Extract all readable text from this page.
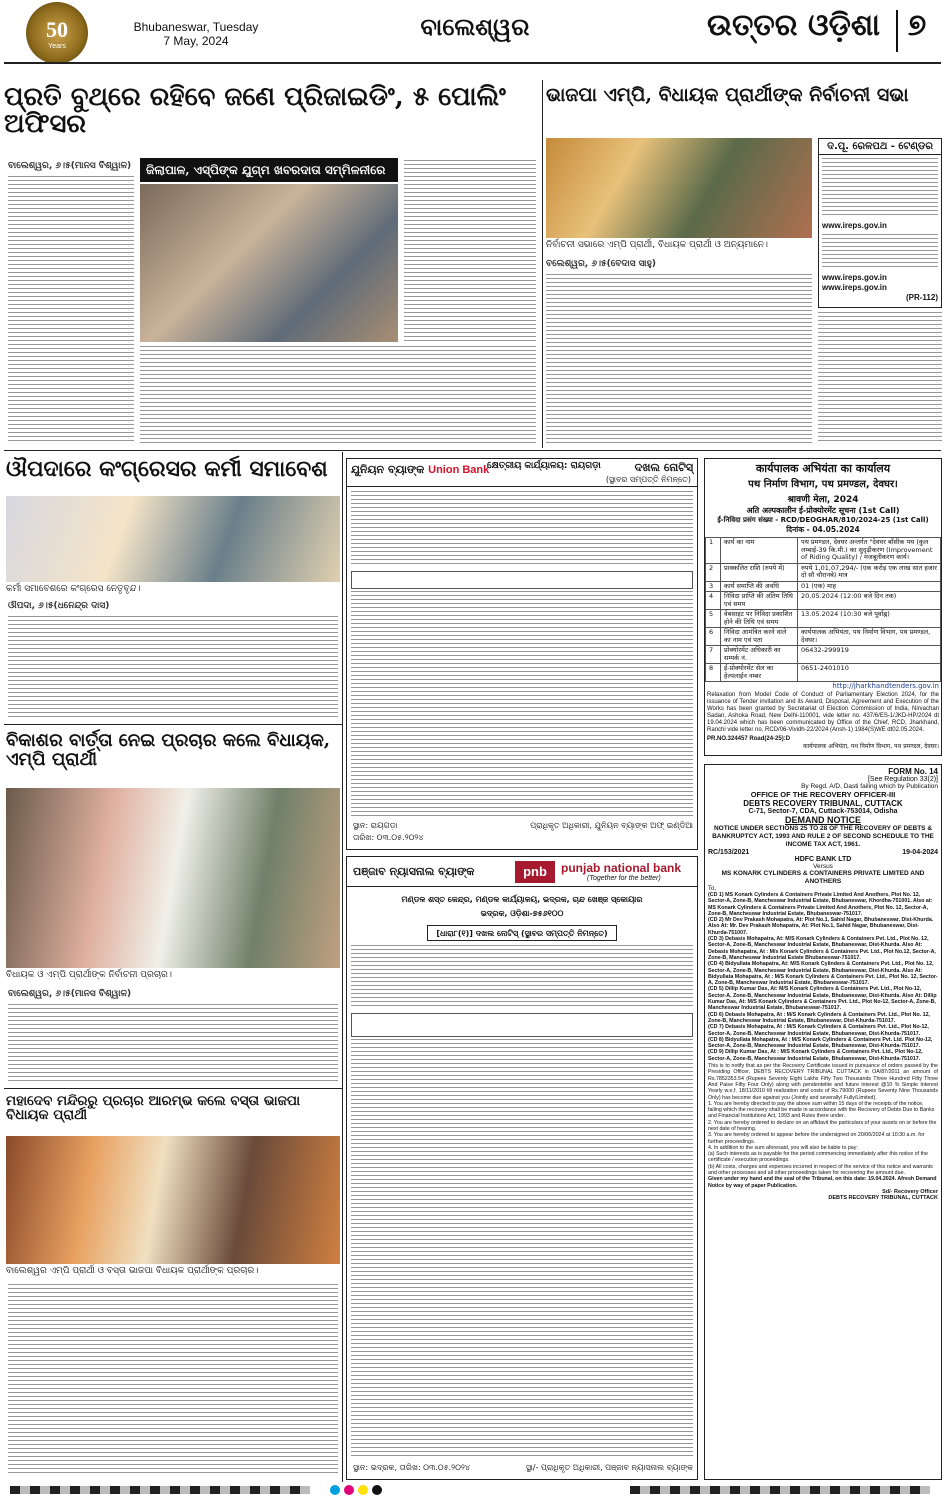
50
Years
Bhubaneswar, Tuesday
7 May, 2024	ବାଲେଶ୍ୱର	ଉତ୍ତର ଓଡ଼ିଶା ୭
ପ୍ରତି ବୁଥ୍‌ରେ ରହିବେ ଜଣେ ପ୍ରିଜାଇଡିଂ, ୫ ପୋଲିଂ ଅଫିସର
ବାଲେଶ୍ୱର, ୬।୫(ମାନସ ବିଶ୍ୱାଳ)	ଜିଲାପାଳ, ଏସ୍‌ପିଙ୍କ ଯୁଗ୍ମ ଖବରଦାତା ସମ୍ମିଳନୀରେ
ଭାଜପା ଏମ୍‌ପି, ବିଧାୟକ ପ୍ରାର୍ଥୀଙ୍କ ନିର୍ବାଚନୀ ସଭା
ନିର୍ବାଚନୀ ସଭାରେ ଏମ୍‌ପି ପ୍ରାର୍ଥୀ, ବିଧାୟକ ପ୍ରାର୍ଥୀ ଓ ଅନ୍ୟମାନେ।
ବଲେଶ୍ୱର, ୬।୫(ବେଦାସ ସାହୁ)
ଦ.ପୂ. ରେଳପଥ - ଟେଣ୍ଡର
www.ireps.gov.in
www.ireps.gov.in
www.ireps.gov.in
(PR-112)
ଔପଦାରେ କଂଗ୍ରେସର କର୍ମୀ ସମାବେଶ
କର୍ମୀ ସମାବେଶରେ କଂଗ୍ରେସ ନେତୃବୃନ୍ଦ।
ଔପଦା, ୬।୫(ଧନେନ୍ଦ୍ର ଦାସ)
ବିକାଶର ବାର୍ତ୍ତା ନେଇ ପ୍ରଚାର କଲେ ବିଧାୟକ, ଏମ୍‌ପି ପ୍ରାର୍ଥୀ
ବିଧାୟକ ଓ ଏମ୍‌ପି ପ୍ରାର୍ଥୀଙ୍କ ନିର୍ବାଚନୀ ପ୍ରଚାର।
ବାଲେଶ୍ୱର, ୬।୫(ମାନସ ବିଶ୍ୱାଳ)
ମହାଦେବ ମନ୍ଦିରରୁ ପ୍ରଚାର ଆରମ୍ଭ କଲେ ବସ୍ତା ଭାଜପା ବିଧାୟକ ପ୍ରାର୍ଥୀ
ବାଲେଶ୍ୱର ଏମ୍‌ପି ପ୍ରାର୍ଥୀ ଓ ବସ୍ତା ଭାଜପା ବିଧାୟକ ପ୍ରାର୍ଥୀଙ୍କ ପ୍ରଚାର।
ଯୁନିୟନ ବ୍ୟାଙ୍କ Union Bank
କ୍ଷେତ୍ରୀୟ କାର୍ଯ୍ୟାଳୟ: ରାୟଗଡ଼ା	ଦଖଲ ନୋଟିସ୍
(ସ୍ଥାବର ସମ୍ପତ୍ତି ନିମନ୍ତେ)
ସ୍ଥାନ: ରାୟଗଡ଼ା
ତାରିଖ: ୦୩.୦୫.୨୦୨୪
ପ୍ରାଧିକୃତ ଅଧିକାରୀ, ଯୁନିୟନ ବ୍ୟାଙ୍କ ଅଫ୍ ଇଣ୍ଡିଆ
ପଞ୍ଜାବ ନ୍ୟାସନାଲ ବ୍ୟାଙ୍କ	pnb	punjab national bank
(Together for the better)
ମଣ୍ଡଳ ଶସ୍ତ କେନ୍ଦ୍ର, ମଣ୍ଡଳ କାର୍ଯ୍ୟାଳୟ, ଭଦ୍ରକ, ଚାନ୍ଦ ଖେଞ୍ଜ ସ୍କୋୟାର
ଭଦ୍ରକ, ଓଡ଼ିଶା-୭୫୬୧୦୦
[ଧାରା୮(୧)] ଦଖଲ ନୋଟିସ୍ (ସ୍ଥାବର ସମ୍ପତ୍ତି ନିମନ୍ତେ)
ସ୍ଥାନ: ଭଦ୍ରକ, ତାରିଖ: ୦୩.୦୫.୨୦୨୪	ସ୍ଥା/- ପ୍ରାଧିକୃତ ଅଧିକାରୀ, ପଞ୍ଜାବ ନ୍ୟାସନାଲ ବ୍ୟାଙ୍କ
कार्यपालक अभियंता का कार्यालय
पथ निर्माण विभाग, पथ प्रमण्डल, देवघर।
श्रावणी मेला, 2024
अति अल्पकालीन ई-प्रोक्योरमेंट सूचना (1st Call)
ई-निविदा प्रसंग संख्या - RCD/DEOGHAR/810/2024-25 (1st Call)
दिनांक - 04.05.2024
1	कार्य का नाम	पथ प्रमण्डल, देवघर अन्तर्गत "देवघर बाँसीक पथ (कुल लम्बाई-39 कि.मी.) का सुदृढ़ीकरण (Improvement of Riding Quality) / मजबूतीकरण कार्य।
2	प्राक्कलित राशि (रुपये में)	रुपये 1,01,07,294/- (एक करोड़ एक लाख सात हजार दो सौ चौरानबे) मात्र
3	कार्य समाप्ति की अवधि	01 (एक) माह
4	निविदा प्राप्ति की अंतिम तिथि एवं समय	20.05.2024 (12:00 बजे दिन तक)
5	वेबसाइट पर निविदा प्रकाशित होने की तिथि एवं समय	13.05.2024 (10:30 बजे पूर्वाह्न)
6	निविदा आमंत्रित करने वाले का नाम एवं पता	कार्यपालक अभियंता, पथ निर्माण विभाग, पथ प्रमण्डल, देवघर।
7	प्रोक्योरमेंट अधिकारी का सम्पर्क नं.	06432-299919
8	ई-प्रोक्योरमेंट सेल का हेल्पलाईन नम्बर	0651-2401010
http://jharkhandtenders.gov.in
Relaxation from Model Code of Conduct of Parliamentary Election 2024, for the issuance of Tender invitation and its Award, Disposal, Agreement and Execution of the Works has been granted by Secretariat of Election Commission of India, Nirvachan Sadan, Ashoka Road, New Delhi-110001, vide letter no. 437/6/ES-1/JKD-HP/2024 dt 19.04.2024 which has been communicated by Office of the Chief, RCD, Jharkhand, Ranchi vide letter no. RCD/06-Vividh-22/2024 (Ansh-1) 1984(S)WE dt02.05.2024.
PR.NO.324457 Road(24-25):D
कार्यपालक अभियंता, पथ निर्माण विभाग, पथ प्रमण्डल, देवघर।
FORM No. 14
[See Regulation 33(2)]
By Regd. A/D, Dasti failing which by Publication
OFFICE OF THE RECOVERY OFFICER-III
DEBTS RECOVERY TRIBUNAL, CUTTACK
C-71, Sector-7, CDA, Cuttack-753014, Odisha
DEMAND NOTICE
NOTICE UNDER SECTIONS 25 TO 28 OF THE RECOVERY OF DEBTS & BANKRUPTCY ACT, 1993 AND RULE 2 OF SECOND SCHEDULE TO THE INCOME TAX ACT, 1961.
RC/153/2021	19-04-2024
HDFC BANK LTD
Versus
MS KONARK CYLINDERS & CONTAINERS PRIVATE LIMITED AND ANOTHERS
To,
(CD 1) MS Konark Cylinders & Containers Private Limited And Anothers, Plot No. 12, Sector-A, Zone-B, Mancheswar Industrial Estate, Bhubaneswar, Khordha-751001. Also at: MS Konark Cylinders & Containers Private Limited And Anothers, Plot No. 12, Sector-A, Zone-B, Mancheswar Industrial Estate, Bhubaneswar-751017.
(CD 2) Mr Dev Prakash Mohapatra, At: Plot No.1, Sahid Nagar, Bhubaneswar, Dist-Khurda. Also At: Mr. Dev Prakash Mohapatra, At: Plot No.1, Sahid Nagar, Bhubaneswar, Dist-Khurda-751007.
(CD 3) Debasis Mohapatra, At: M/S Konark Cylinders & Containers Pvt. Ltd., Plot No. 12, Sector-A, Zone-B, Mancheswar Industrial Estate, Bhubaneswar, Dist-Khurda. Also At: Debasis Mohapatra, At : M/s Konark Cylinders & Containers Pvt. Ltd., Plot No.12, Sector-A, Zone-B, Mancheswar Industrial Estate Bhubaneswar-751017.
(CD 4) Bidyullata Mohapatra, At: M/S Konark Cylinders & Containers Pvt. Ltd., Plot No. 12, Sector-A, Zone-B, Mancheswar Industrial Estate, Bhubaneswar, Dist-Khurda. Also At: Bidyullata Mohapatra, At : M/S Konark Cylinders & Containers Pvt. Ltd., Plot No. 12, Sector-A, Zone-B, Mancheswar Industrial Estate, Bhubaneswar-751017.
(CD 5) Dillip Kumar Das, At: M/S Konark Cylinders & Containers Pvt. Ltd., Plot No-12, Sector-A, Zone-B, Mancheswar Industrial Estate, Bhubaneswar, Dist-Khurda. Also At: Dillip Kumar Das, At: M/S Konark Cylinders & Containers Pvt. Ltd., Plot No-12, Sector-A, Zone-B, Mancheswar Industrial Estate, Bhubaneswar-751017.
(CD 6) Debasis Mohapatra, At : M/S Konark Cylinders & Containers Pvt. Ltd., Plot No. 12, Zone-B, Mancheswar Industrial Estate, Bhubaneswar, Dist-Khurda-751017.
(CD 7) Debasis Mohapatra, At : M/S Konark Cylinders & Containers Pvt. Ltd., Plot No-12, Sector-A, Zone-B, Mancheswar Industrial Estate, Bhubaneswar, Dist-Khurda-751017.
(CD 8) Bidyullata Mohapatra, At : M/S Konark Cylinders & Containers Pvt. Ltd. Plot No-12, Sector-A, Zone-B, Mancheswar Industrial Estate, Bhubaneswar, Dist-Khurda-751017.
(CD 9) Dillip Kumar Das, At : M/S Konark Cylinders & Containers Pvt. Ltd., Plot No-12, Sector-A, Zone-B, Mancheswar Industrial Estate, Bhubaneswar, Dist-Khurda-751017.
This is to notify that as per the Recovery Certificate issued in pursuance of orders passed by the Presiding Officer, DEBTS RECOVERY TRIBUNAL CUTTACK in OA/87/2011 an amount of Rs.7852353.54 (Rupees Seventy Eight Lakhs Fifty Two Thousands Three Hundred Fifty Three And Paise Fifty Four Only) along with pendentelite and future interest @10 % Simple Interest Yearly w.e.f. 18/11/2010 till realization and costs of Rs.79000 (Rupees Seventy Nine Thousands Only) has become due against you (Jointly and severally/ Fully/Limited).
1. You are hereby directed to pay the above sum within 15 days of the receipts of the notice, failing which the recovery shall be made in accordance with the Recovery of Debts Due to Banks and Financial Institutions Act, 1993 and Rules there under.
2. You are hereby ordered to declare on an affidavit the particulars of your assets on or before the next date of hearing.
3. You are hereby ordered to appear before the undersigned on 20/06/2024 at 10:30 a.m. for further proceedings.
4. In addition to the sum aforesaid, you will also be liable to pay:
(a) Such interests as is payable for the period commencing immediately after this notice of the certificate / execution proceedings.
(b) All costs, charges and expenses incurred in respect of the service of this notice and warrants and other processes and all other proceedings taken for recovering the amount due.
Given under my hand and the seal of the Tribunal, on this date: 19.04.2024. Afresh Demand Notice by way of paper Publication.
Sd/- Recovery Officer
DEBTS RECOVERY TRIBUNAL, CUTTACK
